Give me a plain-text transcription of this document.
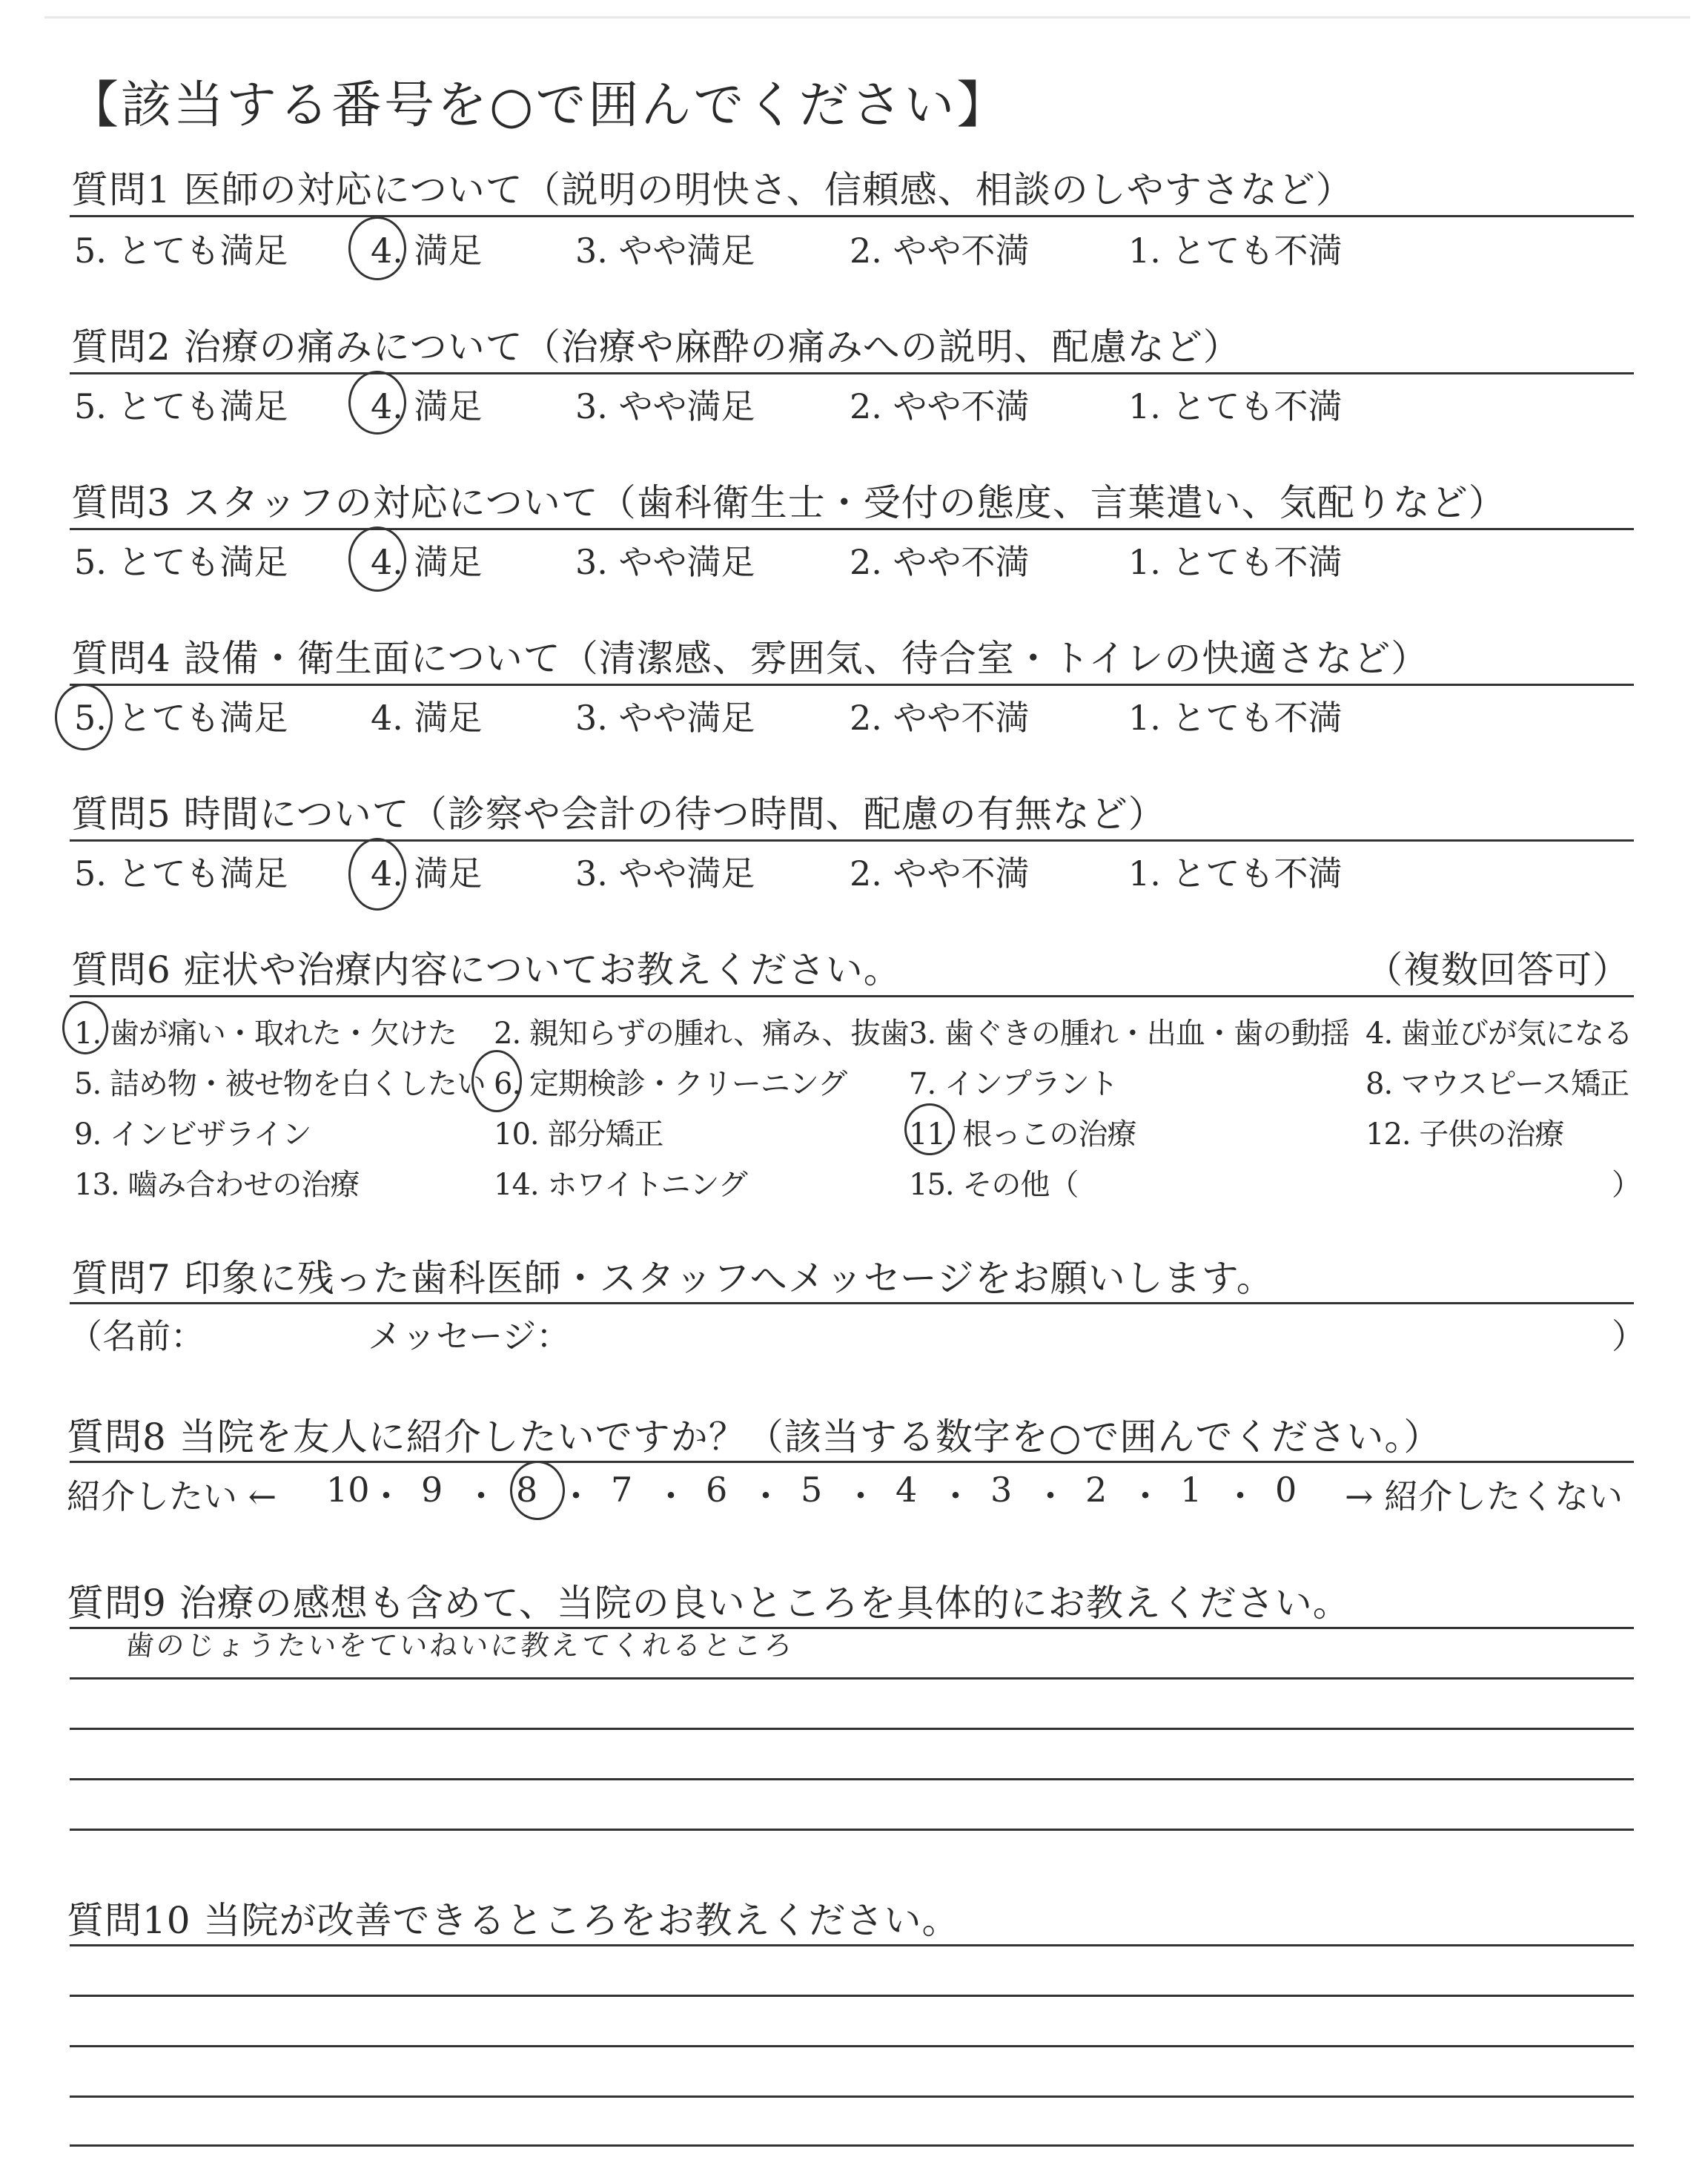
【該当する番号を○で囲んでください】
質問1 医師の対応について（説明の明快さ、信頼感、相談のしやすさなど）
5. とても満足 4. 満足	3. やや満足	2. やや不満	1. とても不満
質問2 治療の痛みについて（治療や麻酔の痛みへの説明、配慮など）
5. とても満足 4. 満足	3. やや満足	2. やや不満	1. とても不満
質問3 スタッフの対応について（歯科衛生士・受付の態度、言葉遣い、気配りなど）
5. とても満足 4. 満足	3. やや満足	2. やや不満	1. とても不満
質問4 設備・衛生面について（清潔感、雰囲気、待合室・トイレの快適さなど）
5. とても満足 4. 満足	3. やや満足	2. やや不満	1. とても不満
質問5 時間について（診察や会計の待つ時間、配慮の有無など）
5. とても満足 4. 満足	3. やや満足	2. やや不満	1. とても不満
質問6 症状や治療内容についてお教えください。	（複数回答可）
1. 歯が痛い・取れた・欠けた 2. 親知らずの腫れ、痛み、抜歯 3. 歯ぐきの腫れ・出血・歯の動揺 4. 歯並びが気になる
5. 詰め物・被せ物を白くしたい 6. 定期検診・クリーニング 7. インプラント	8. マウスピース矯正
9. インビザライン	10. 部分矯正	11. 根っこの治療	12. 子供の治療
13. 嚙み合わせの治療	14. ホワイトニング	15. その他（	）
質問7 印象に残った歯科医師・スタッフへメッセージをお願いします。
（名前：	メッセージ：	）
質問8 当院を友人に紹介したいですか？（該当する数字を○で囲んでください。）
紹介したい ←	→ 紹介したくない
10 ・ 9 ・ 8 ・ 7 ・ 6 ・ 5 ・ 4 ・ 3 ・ 2 ・ 1 ・ 0
質問9 治療の感想も含めて、当院の良いところを具体的にお教えください。
歯のじょうたいをていねいに教えてくれるところ
質問10 当院が改善できるところをお教えください。
